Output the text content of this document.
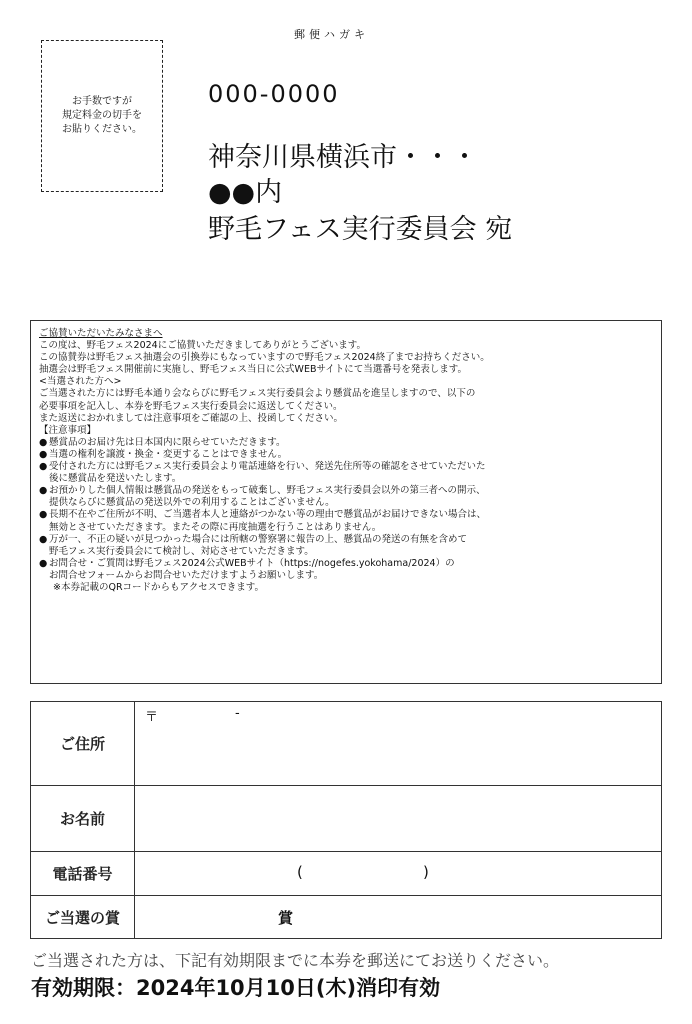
お手数ですが
規定料金の切手を
お貼りください。
郵便ハガキ
000-0000
神奈川県横浜市・・・
●●内
野毛フェス実行委員会 宛
ご協賛いただいたみなさまへ
この度は、野毛フェス2024にご協賛いただきましてありがとうございます。
この協賛券は野毛フェス抽選会の引換券にもなっていますので野毛フェス2024終了までお持ちください。
抽選会は野毛フェス開催前に実施し、野毛フェス当日に公式WEBサイトにて当選番号を発表します。
<当選された方へ>
ご当選された方には野毛本通り会ならびに野毛フェス実行委員会より懸賞品を進呈しますので、以下の
必要事項を記入し、本券を野毛フェス実行委員会に返送してください。
また返送におかれましては注意事項をご確認の上、投函してください。
【注意事項】
● 懸賞品のお届け先は日本国内に限らせていただきます。
● 当選の権利を譲渡・換金・変更することはできません。
● 受付された方には野毛フェス実行委員会より電話連絡を行い、発送先住所等の確認をさせていただいた
後に懸賞品を発送いたします。
● お預かりした個人情報は懸賞品の発送をもって破棄し、野毛フェス実行委員会以外の第三者への開示、
提供ならびに懸賞品の発送以外での利用することはございません。
● 長期不在やご住所が不明、ご当選者本人と連絡がつかない等の理由で懸賞品がお届けできない場合は、
無効とさせていただきます。またその際に再度抽選を行うことはありません。
● 万が一、不正の疑いが見つかった場合には所轄の警察署に報告の上、懸賞品の発送の有無を含めて
野毛フェス実行委員会にて検討し、対応させていただきます。
● お問合せ・ご質問は野毛フェス2024公式WEBサイト（https://nogefes.yokohama/2024）の
お問合せフォームからお問合せいただけますようお願いします。
※本券記載のQRコードからもアクセスできます。
ご住所	〒 -

お名前	
電話番号	( )

ご当選の賞	賞
ご当選された方は、下記有効期限までに本券を郵送にてお送りください。
有効期限：2024年10月10日(木)消印有効
